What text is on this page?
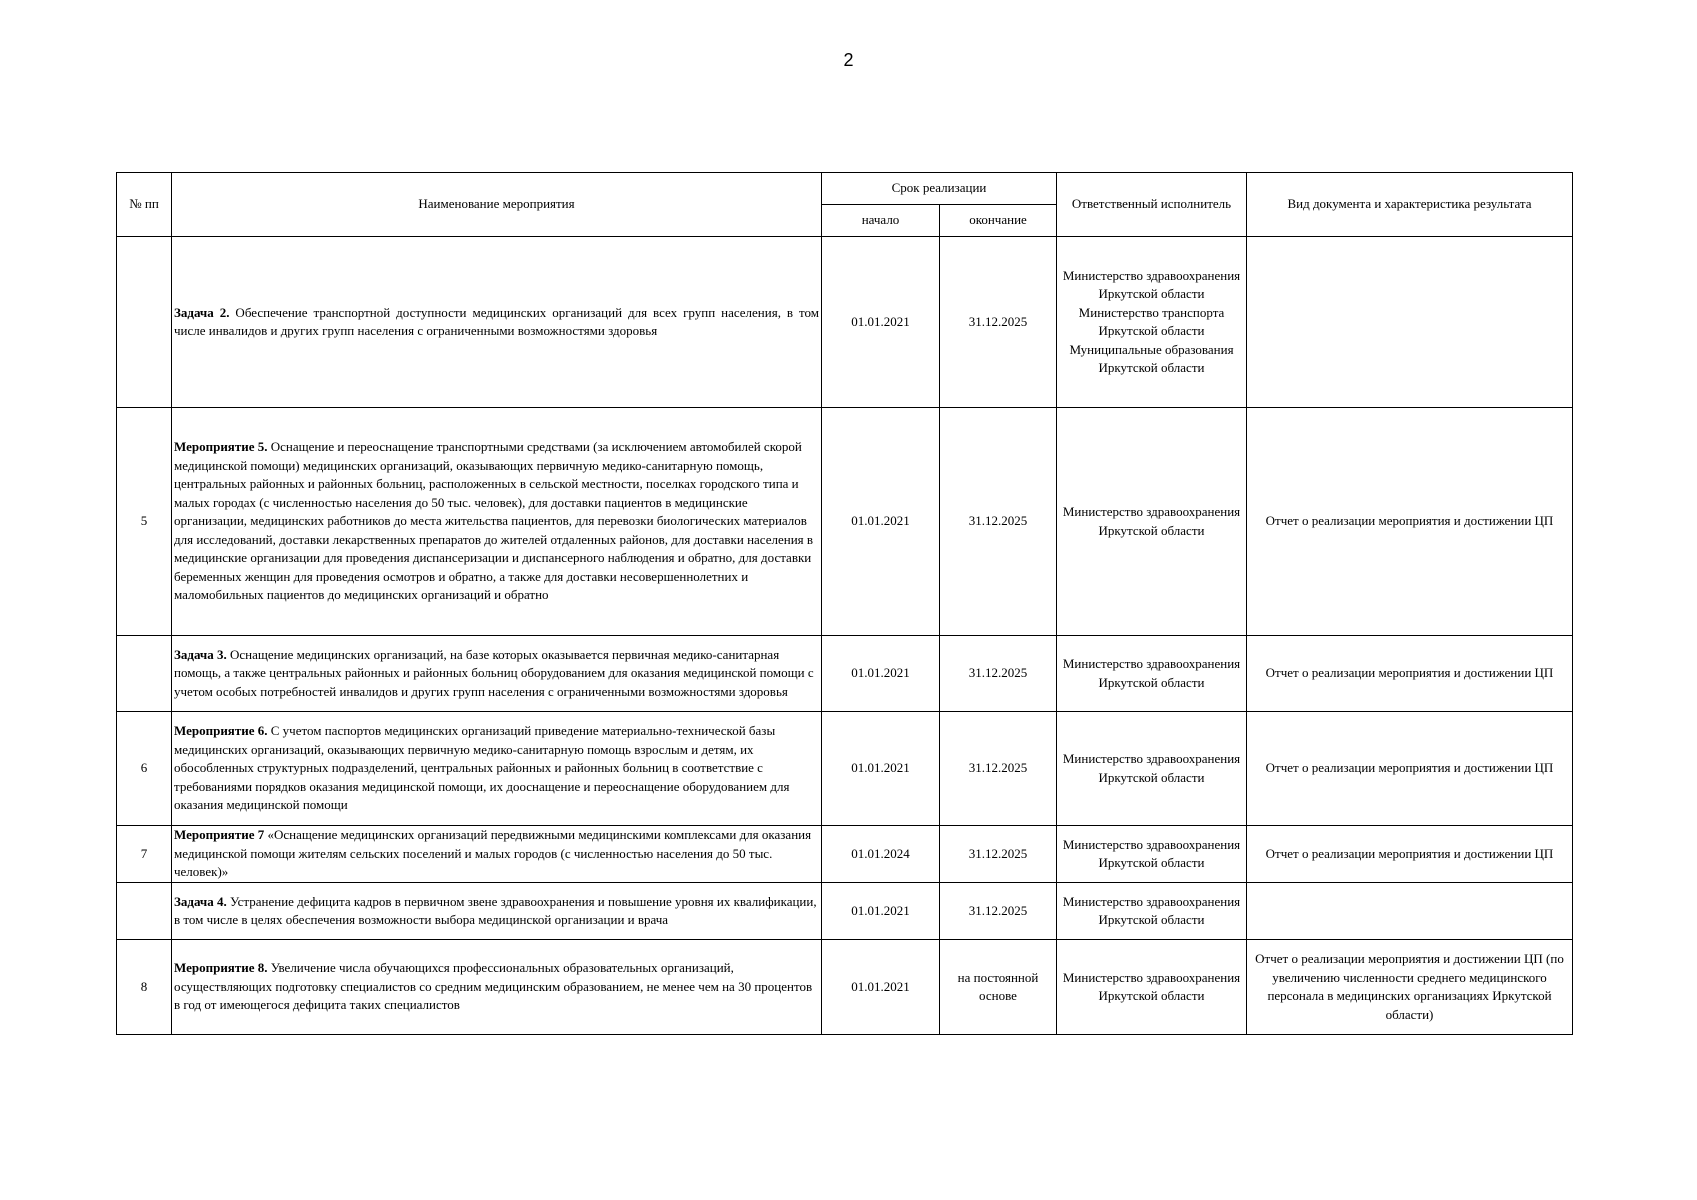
2
№ пп	Наименование мероприятия	Срок реализации		Ответственный исполнитель	Вид документа и характеристика результата
		начало	окончание		
	Задача 2. Обеспечение транспортной доступности медицинских организаций для всех групп населения, в том числе инвалидов и других групп населения с ограниченными возможностями здоровья	01.01.2021	31.12.2025	Министерство здравоохранения Иркутской области Министерство транспорта Иркутской области Муниципальные образования Иркутской области	
5	Мероприятие 5. Оснащение и переоснащение транспортными средствами (за исключением автомобилей скорой медицинской помощи) медицинских организаций, оказывающих первичную медико-санитарную помощь, центральных районных и районных больниц, расположенных в сельской местности, поселках городского типа и малых городах (с численностью населения до 50 тыс. человек), для доставки пациентов в медицинские организации, медицинских работников до места жительства пациентов, для перевозки биологических материалов для исследований, доставки лекарственных препаратов до жителей отдаленных районов, для доставки населения в медицинские организации для проведения диспансеризации и диспансерного наблюдения и обратно, для доставки беременных женщин для проведения осмотров и обратно, а также для доставки несовершеннолетних и маломобильных пациентов до медицинских организаций и обратно	01.01.2021	31.12.2025	Министерство здравоохранения Иркутской области	Отчет о реализации мероприятия и достижении ЦП
	Задача 3. Оснащение медицинских организаций, на базе которых оказывается первичная медико-санитарная помощь, а также центральных районных и районных больниц оборудованием для оказания медицинской помощи с учетом особых потребностей инвалидов и других групп населения с ограниченными возможностями здоровья	01.01.2021	31.12.2025	Министерство здравоохранения Иркутской области	Отчет о реализации мероприятия и достижении ЦП
6	Мероприятие 6. С учетом паспортов медицинских организаций приведение материально-технической базы медицинских организаций, оказывающих первичную медико-санитарную помощь взрослым и детям, их обособленных структурных подразделений, центральных районных и районных больниц в соответствие с требованиями порядков оказания медицинской помощи, их дооснащение и переоснащение оборудованием для оказания медицинской помощи	01.01.2021	31.12.2025	Министерство здравоохранения Иркутской области	Отчет о реализации мероприятия и достижении ЦП
7	Мероприятие 7 «Оснащение медицинских организаций передвижными медицинскими комплексами для оказания медицинской помощи жителям сельских поселений и малых городов (с численностью населения до 50 тыс. человек)»	01.01.2024	31.12.2025	Министерство здравоохранения Иркутской области	Отчет о реализации мероприятия и достижении ЦП
	Задача 4. Устранение дефицита кадров в первичном звене здравоохранения и повышение уровня их квалификации, в том числе в целях обеспечения возможности выбора медицинской организации и врача	01.01.2021	31.12.2025	Министерство здравоохранения Иркутской области	
8	Мероприятие 8. Увеличение числа обучающихся профессиональных образовательных организаций, осуществляющих подготовку специалистов со средним медицинским образованием, не менее чем на 30 процентов в год от имеющегося дефицита таких специалистов	01.01.2021	на постоянной основе	Министерство здравоохранения Иркутской области	Отчет о реализации мероприятия и достижении ЦП (по увеличению численности среднего медицинского персонала в медицинских организациях Иркутской области)
